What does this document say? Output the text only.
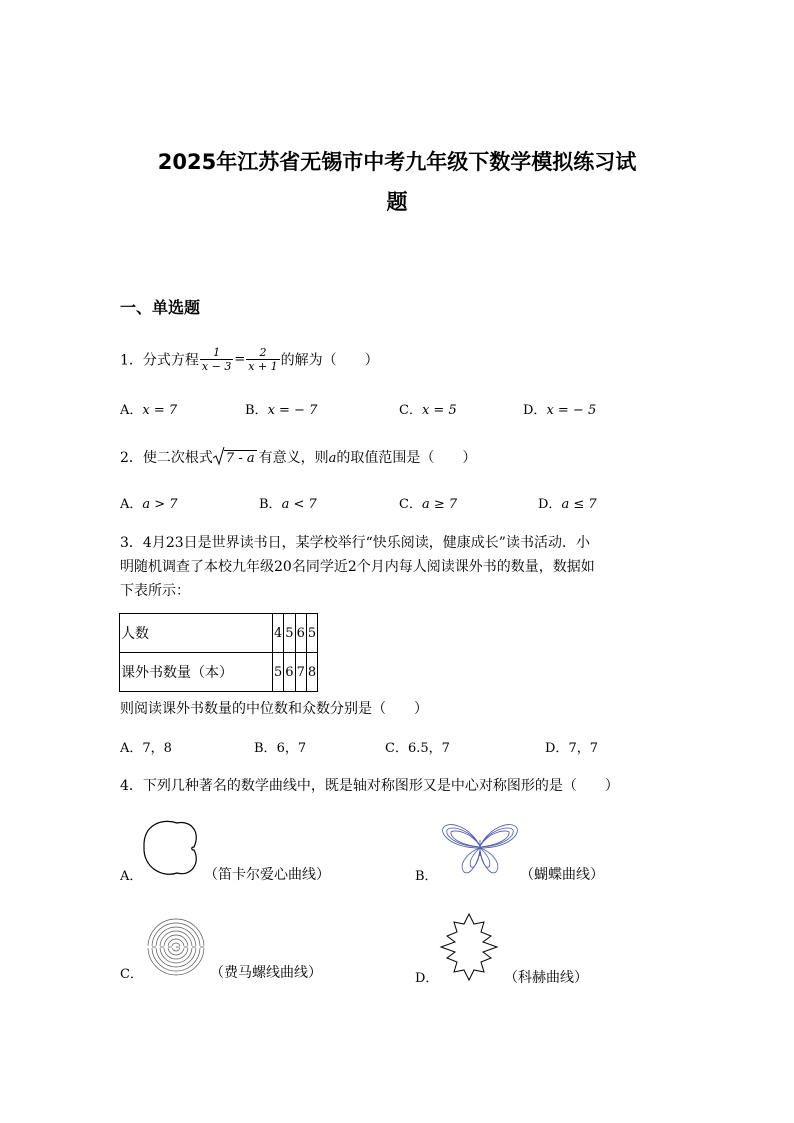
2025年江苏省无锡市中考九年级下数学模拟练习试
题
一、单选题
1．分式方程 $\frac{1}{x - 3} = \frac{2}{x + 1}$ 的解为（　　）
A．x = 7	B．x = − 7	C．x = 5	D．x = − 5
2．使二次根式 7 - a 有意义，则a的取值范围是（　　）
A．a > 7	B．a < 7	C．a ≥ 7	D．a ≤ 7
3．4月23日是世界读书日，某学校举行“快乐阅读，健康成长”读书活动．小
明随机调查了本校九年级20名同学近2个月内每人阅读课外书的数量，数据如
下表所示：
人数	4	5	6	5
课外书数量（本）	5	6	7	8
则阅读课外书数量的中位数和众数分别是（　　）
A．7，8	B．6，7	C．6.5，7	D．7，7
4．下列几种著名的数学曲线中，既是轴对称图形又是中心对称图形的是（　　）
A．	（笛卡尔爱心曲线）	B．	（蝴蝶曲线）
C．	（费马螺线曲线）	D．	（科赫曲线）
